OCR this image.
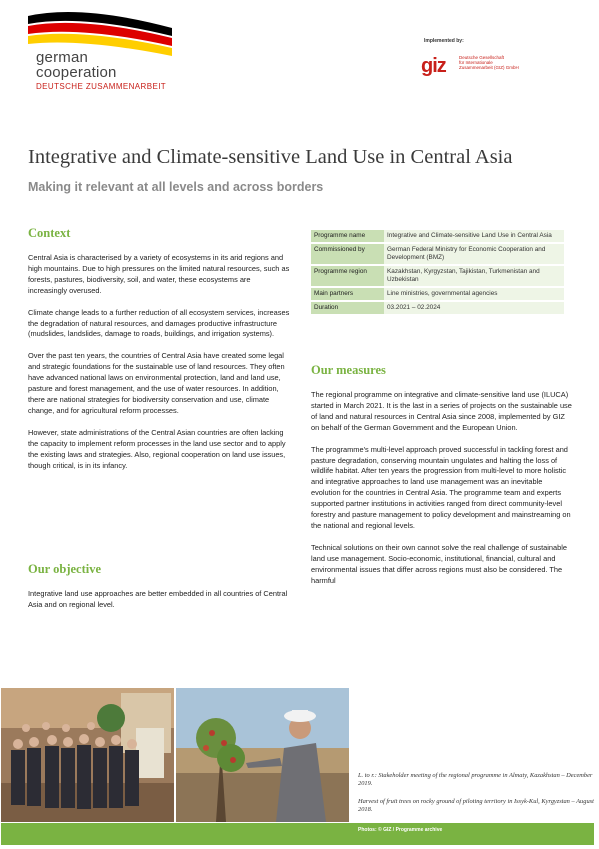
german
cooperation
DEUTSCHE ZUSAMMENARBEIT
Implemented by:
giz	Deutsche Gesellschaft
für Internationale
Zusammenarbeit (GIZ) GmbH
Integrative and Climate-sensitive Land Use in Central Asia
Making it relevant at all levels and across borders
Context

Central Asia is characterised by a variety of ecosystems in its arid regions and high mountains. Due to high pressures on the limited natural resources, such as forests, pastures, biodiversity, soil, and water, these ecosystems are increasingly overused.

Climate change leads to a further reduction of all ecosystem services, increases the degradation of natural resources, and damages productive infrastructure (mudslides, landslides, damage to roads, buildings, and irrigation systems).

Over the past ten years, the countries of Central Asia have created some legal and strategic foundations for the sustainable use of land resources. They often have advanced national laws on environmental protection, land and land use, pasture and forest management, and the use of water resources. In addition, there are national strategies for biodiversity conservation and use, climate change, and for agricultural reform processes.

However, state administrations of the Central Asian countries are often lacking the capacity to implement reform processes in the land use sector and to apply the existing laws and strategies. Also, regional cooperation on land use issues, though critical, is in its infancy.

Our objective

Integrative land use approaches are better embedded in all countries of Central Asia and on regional level.

Programme name	Integrative and Climate-sensitive Land Use in Central Asia
Commissioned by	German Federal Ministry for Economic Cooperation and Development (BMZ)
Programme region	Kazakhstan, Kyrgyzstan, Tajikistan, Turkmenistan and Uzbekistan
Main partners	Line ministries, governmental agencies
Duration	03.2021 – 02.2024
Our measures

The regional programme on integrative and climate-sensitive land use (ILUCA) started in March 2021. It is the last in a series of projects on the sustainable use of land and natural resources in Central Asia since 2008, implemented by GIZ on behalf of the German Government and the European Union.

The programme's multi-level approach proved successful in tackling forest and pasture degradation, conserving mountain ungulates and halting the loss of wildlife habitat. After ten years the progression from multi-level to more holistic and integrative approaches to land use management was an inevitable evolution for the countries in Central Asia. The programme team and experts supported partner institutions in activities ranged from direct community-level forestry and pasture management to policy development and mainstreaming on the national and regional levels.

Technical solutions on their own cannot solve the real challenge of sustainable land use management. Socio-economic, institutional, financial, cultural and environmental issues that differ across regions must also be considered. The harmful

L. to r.: Stakeholder meeting of the regional programme in Almaty, Kazakhstan – December 2019.
Harvest of fruit trees on rocky ground of piloting territory in Issyk-Kul, Kyrgyzstan – August 2018.
Photos: © GIZ / Programme archive
